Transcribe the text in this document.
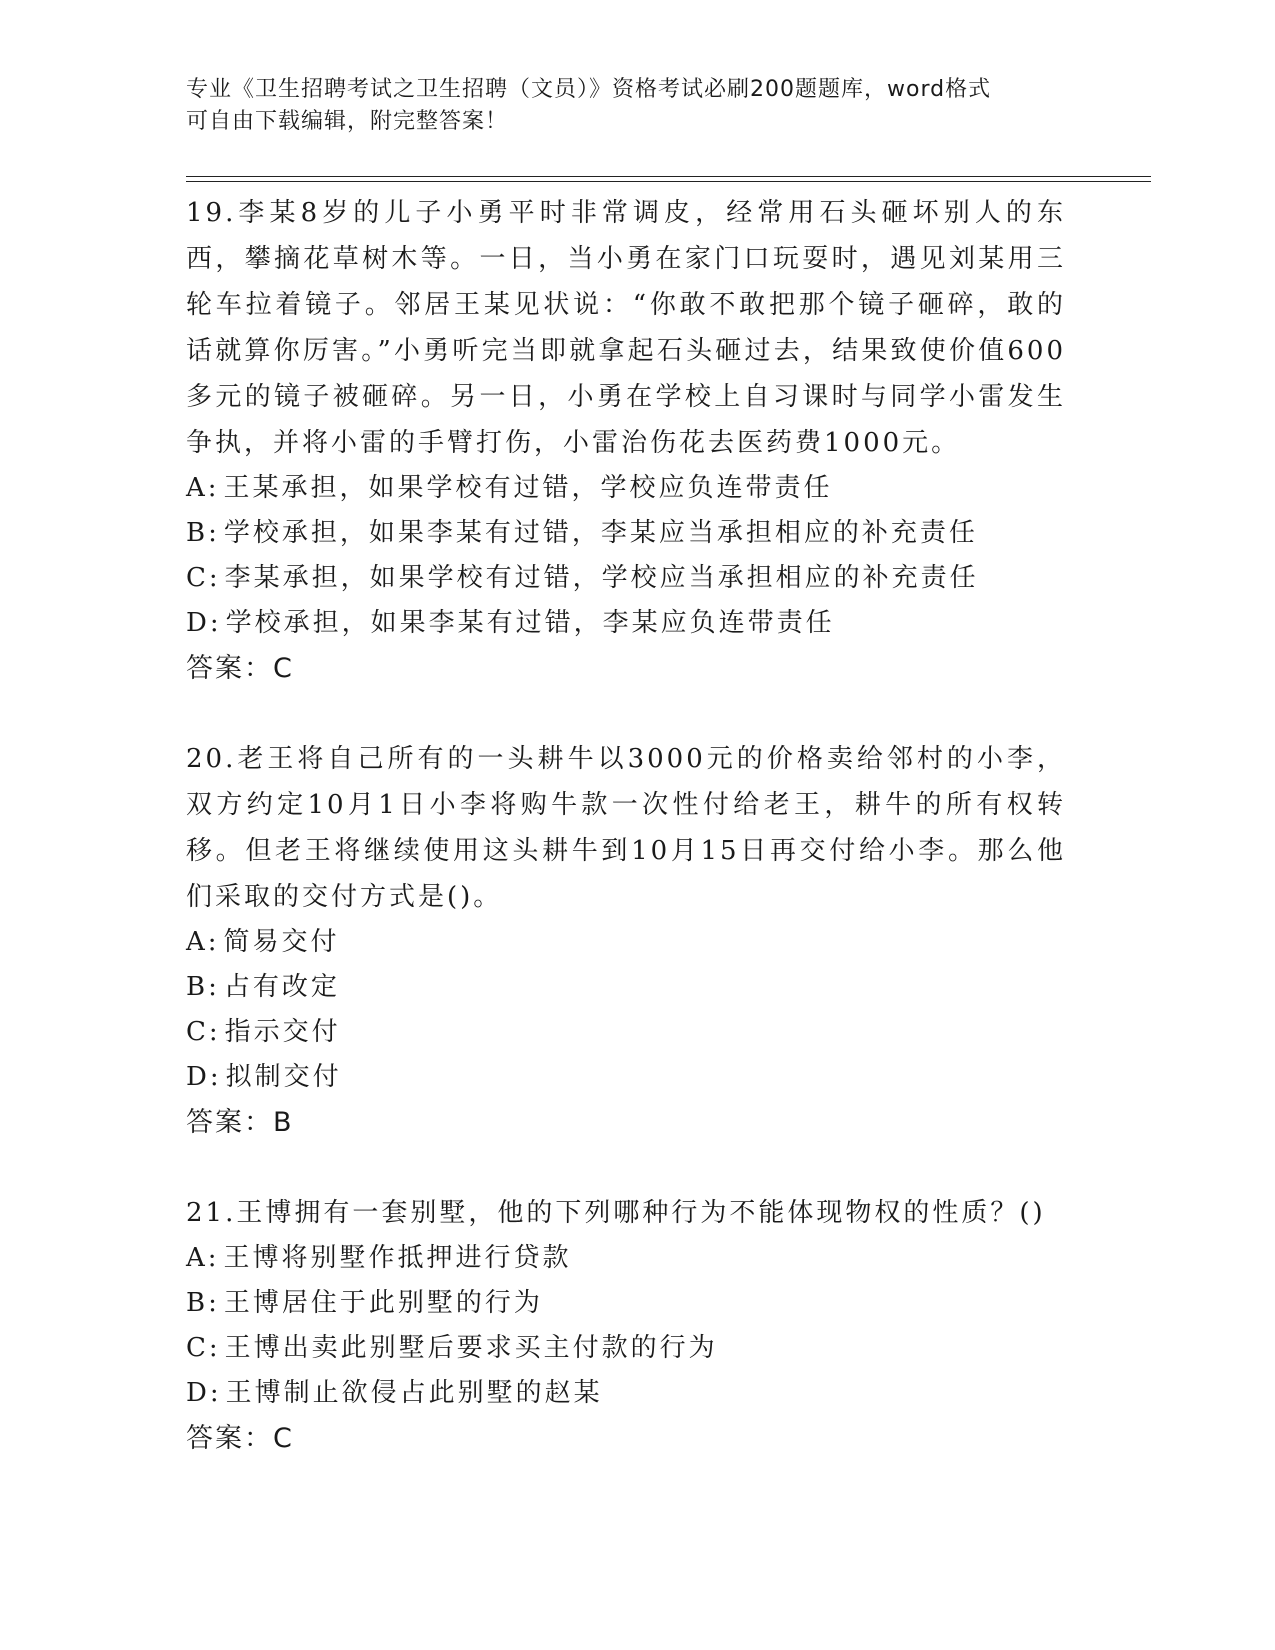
专业《卫生招聘考试之卫生招聘（文员）》资格考试必刷200题题库，word格式
可自由下载编辑，附完整答案！

19.李某8岁的儿子小勇平时非常调皮，经常用石头砸坏别人的东西，攀摘花草树木等。一日，当小勇在家门口玩耍时，遇见刘某用三轮车拉着镜子。邻居王某见状说：“你敢不敢把那个镜子砸碎，敢的话就算你厉害。”小勇听完当即就拿起石头砸过去，结果致使价值600多元的镜子被砸碎。另一日，小勇在学校上自习课时与同学小雷发生争执，并将小雷的手臂打伤，小雷治伤花去医药费1000元。

A: 王某承担，如果学校有过错，学校应负连带责任

B: 学校承担，如果李某有过错，李某应当承担相应的补充责任

C: 李某承担，如果学校有过错，学校应当承担相应的补充责任

D: 学校承担，如果李某有过错，李某应负连带责任

答案：C

20.老王将自己所有的一头耕牛以3000元的价格卖给邻村的小李，双方约定10月1日小李将购牛款一次性付给老王，耕牛的所有权转移。但老王将继续使用这头耕牛到10月15日再交付给小李。那么他们采取的交付方式是()。

A: 简易交付

B: 占有改定

C: 指示交付

D: 拟制交付

答案：B

21.王博拥有一套别墅，他的下列哪种行为不能体现物权的性质？()

A: 王博将别墅作抵押进行贷款

B: 王博居住于此别墅的行为

C: 王博出卖此别墅后要求买主付款的行为

D: 王博制止欲侵占此别墅的赵某

答案：C
